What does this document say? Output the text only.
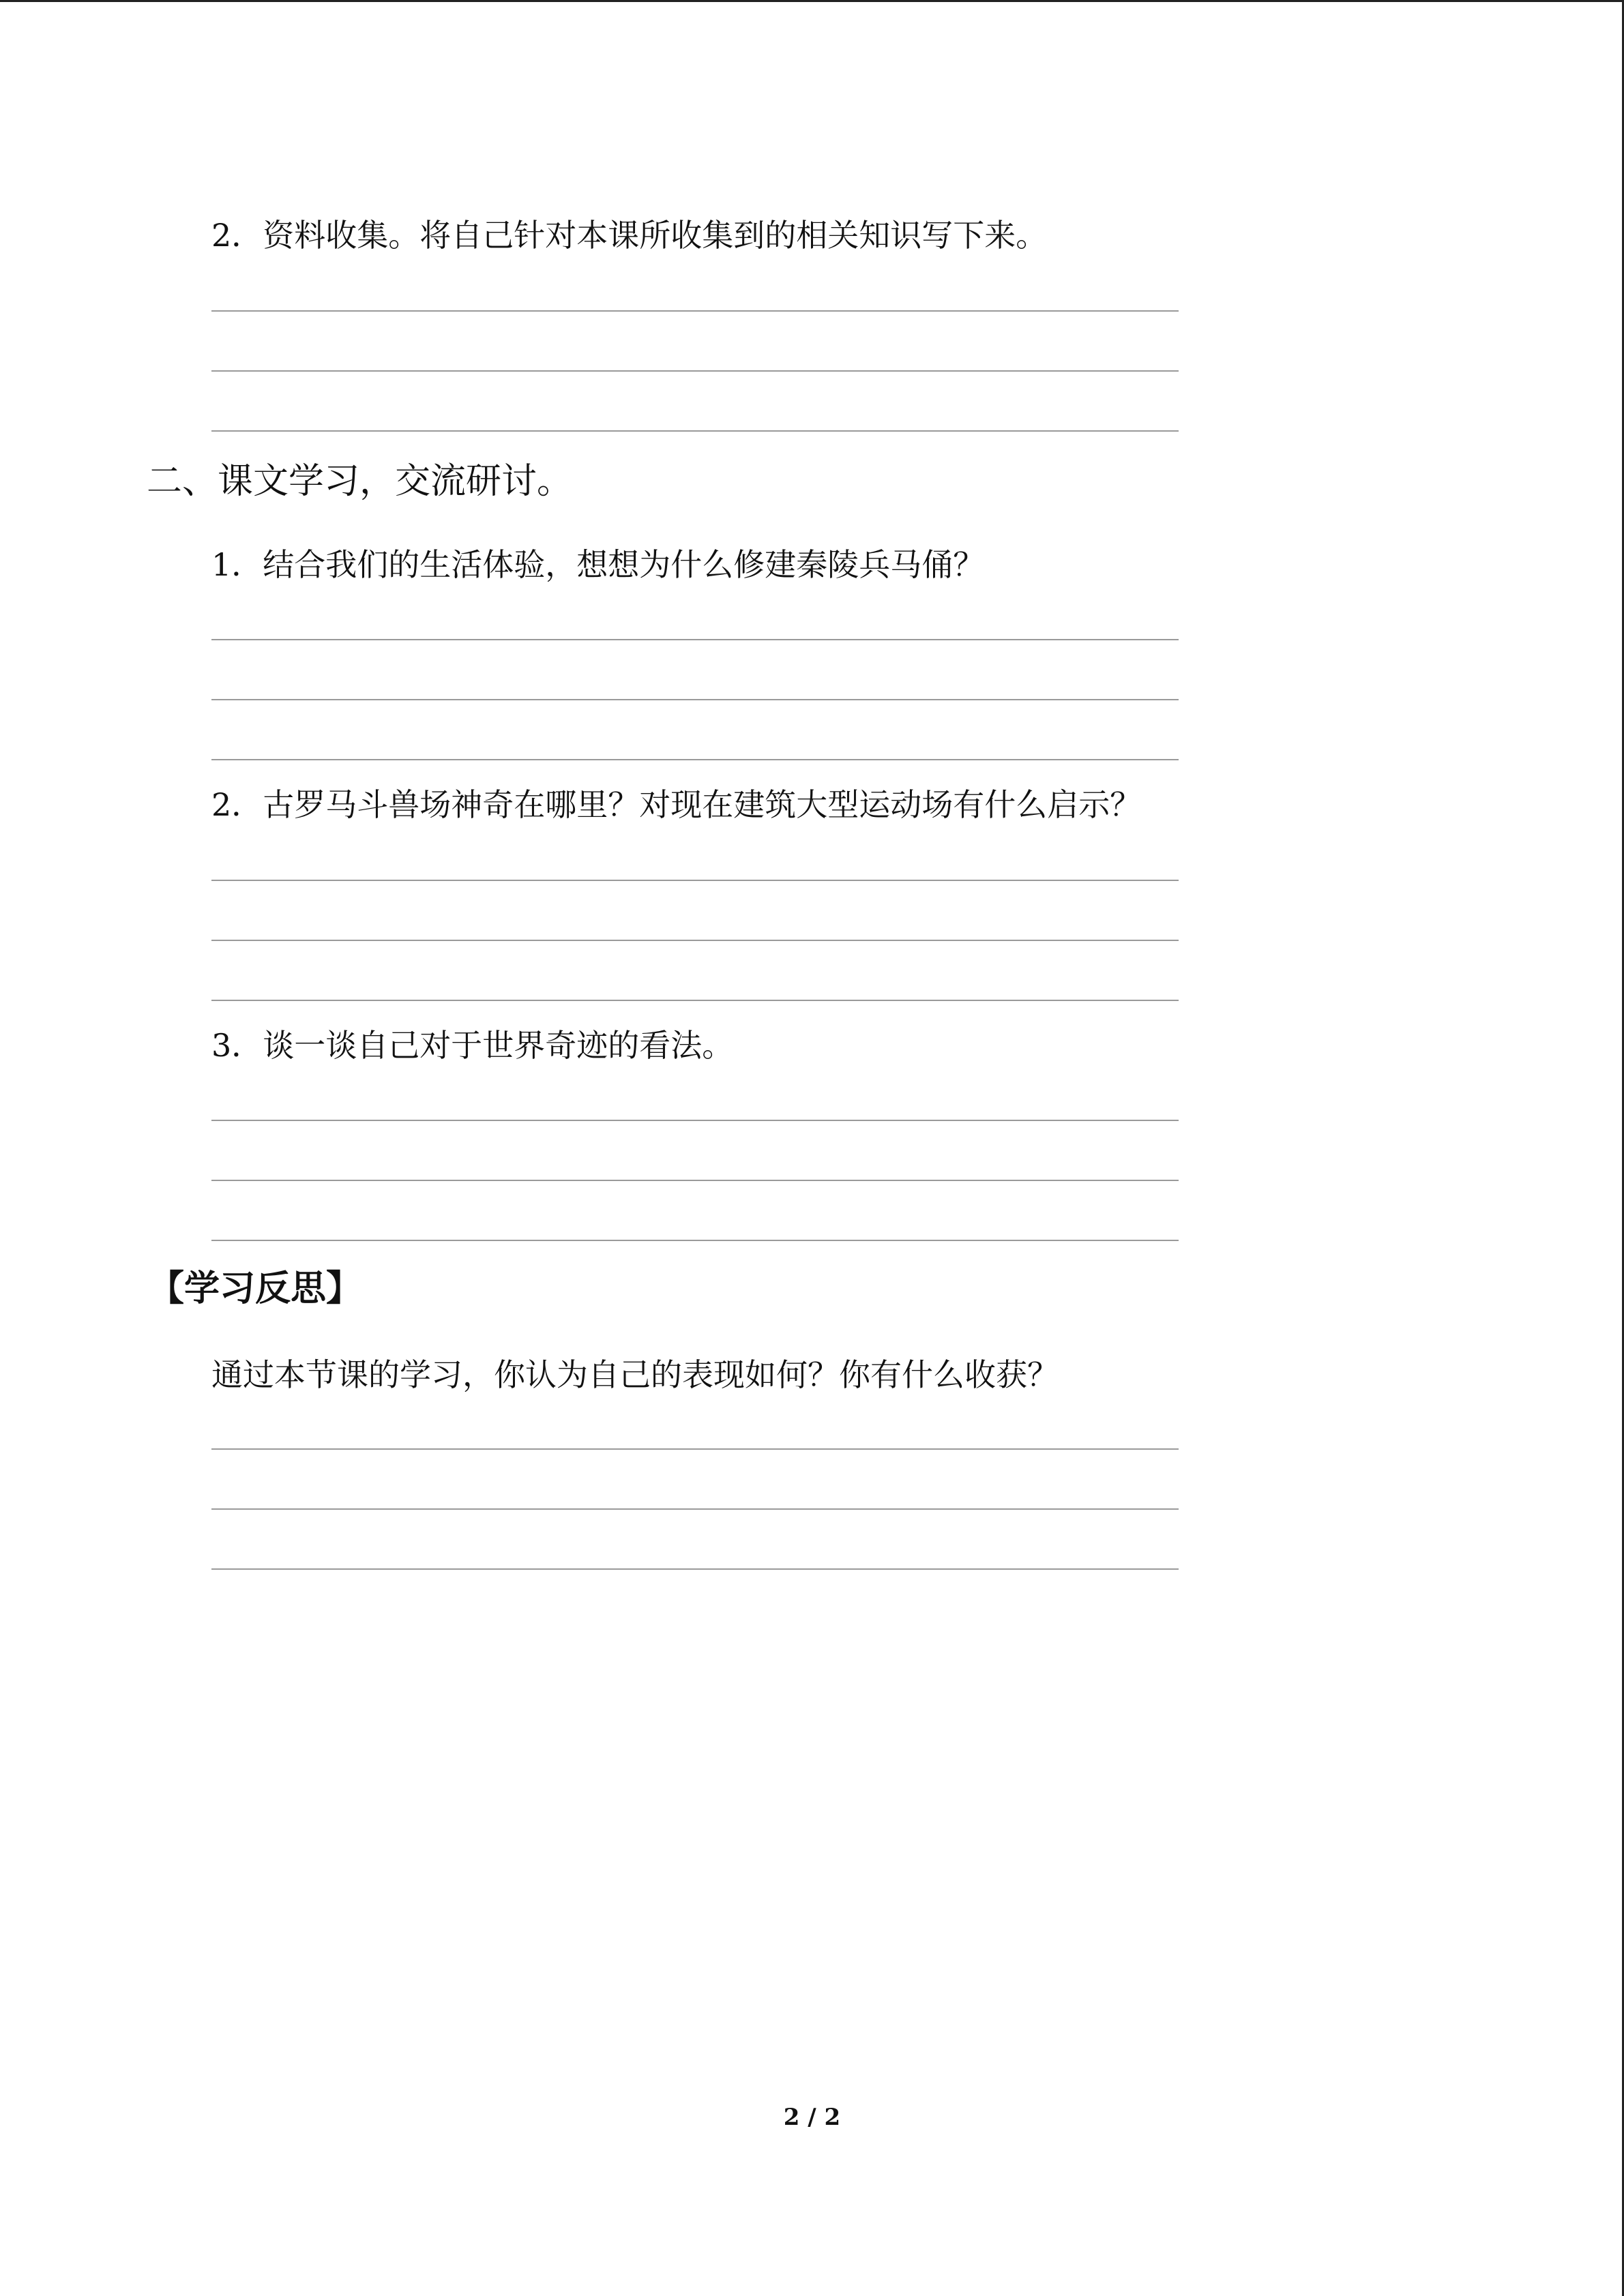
2．资料收集。将自己针对本课所收集到的相关知识写下来。
二、课文学习，交流研讨。
1．结合我们的生活体验，想想为什么修建秦陵兵马俑？
2．古罗马斗兽场神奇在哪里？对现在建筑大型运动场有什么启示？
3．谈一谈自己对于世界奇迹的看法。
【学习反思】
通过本节课的学习，你认为自己的表现如何？你有什么收获？
2 / 2
